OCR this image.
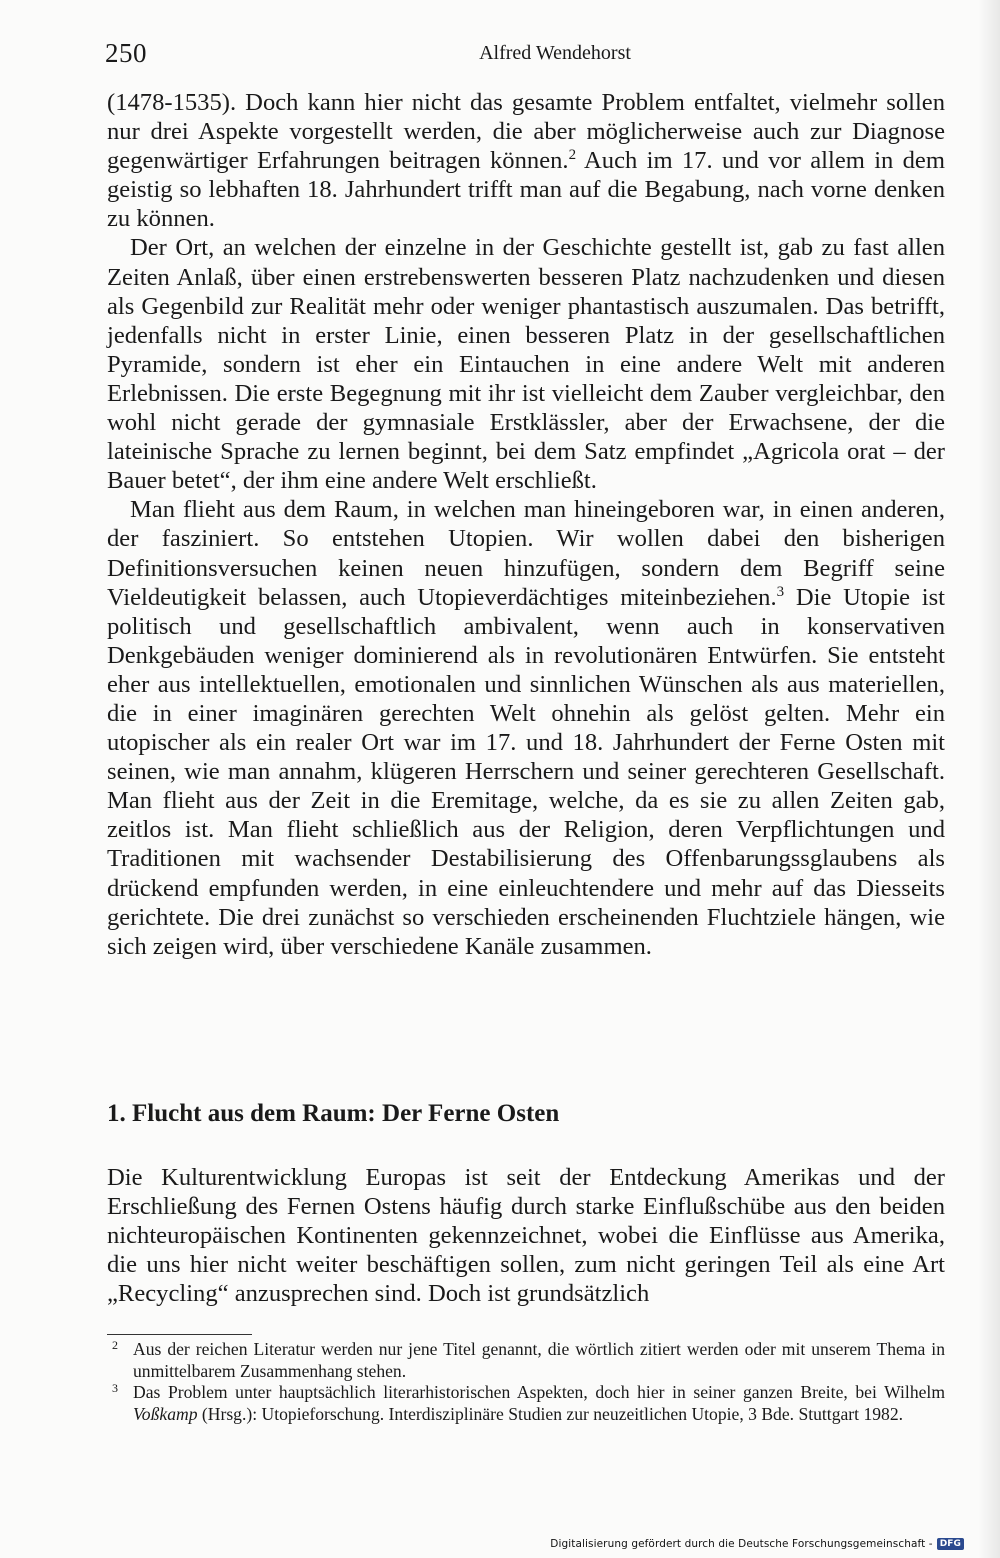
250	Alfred Wendehorst

(1478-1535). Doch kann hier nicht das gesamte Problem entfaltet, vielmehr sollen nur drei Aspekte vorgestellt werden, die aber möglicherweise auch zur Diagnose gegenwärtiger Erfahrungen beitragen können.$^2$ Auch im 17. und vor allem in dem geistig so lebhaften 18. Jahrhundert trifft man auf die Begabung, nach vorne denken zu können.

Der Ort, an welchen der einzelne in der Geschichte gestellt ist, gab zu fast allen Zeiten Anlaß, über einen erstrebenswerten besseren Platz nachzudenken und diesen als Gegenbild zur Realität mehr oder weniger phantastisch auszumalen. Das betrifft, jedenfalls nicht in erster Linie, einen besseren Platz in der gesellschaftlichen Pyramide, sondern ist eher ein Eintauchen in eine andere Welt mit anderen Erlebnissen. Die erste Begegnung mit ihr ist vielleicht dem Zauber vergleichbar, den wohl nicht gerade der gymnasiale Erstklässler, aber der Erwachsene, der die lateinische Sprache zu lernen beginnt, bei dem Satz empfindet „Agricola orat – der Bauer betet“, der ihm eine andere Welt erschließt.

Man flieht aus dem Raum, in welchen man hineingeboren war, in einen anderen, der fasziniert. So entstehen Utopien. Wir wollen dabei den bisherigen Definitionsversuchen keinen neuen hinzufügen, sondern dem Begriff seine Vieldeutigkeit belassen, auch Utopieverdächtiges miteinbeziehen.$^3$ Die Utopie ist politisch und gesellschaftlich ambivalent, wenn auch in konservativen Denkgebäuden weniger dominierend als in revolutionären Entwürfen. Sie entsteht eher aus intellektuellen, emotionalen und sinnlichen Wünschen als aus materiellen, die in einer imaginären gerechten Welt ohnehin als gelöst gelten. Mehr ein utopischer als ein realer Ort war im 17. und 18. Jahrhundert der Ferne Osten mit seinen, wie man annahm, klügeren Herrschern und seiner gerechteren Gesellschaft. Man flieht aus der Zeit in die Eremitage, welche, da es sie zu allen Zeiten gab, zeitlos ist. Man flieht schließlich aus der Religion, deren Verpflichtungen und Traditionen mit wachsender Destabilisierung des Offenbarungssglaubens als drückend empfunden werden, in eine einleuchtendere und mehr auf das Diesseits gerichtete. Die drei zunächst so verschieden erscheinenden Fluchtziele hängen, wie sich zeigen wird, über verschiedene Kanäle zusammen.

1. Flucht aus dem Raum: Der Ferne Osten

Die Kulturentwicklung Europas ist seit der Entdeckung Amerikas und der Erschließung des Fernen Ostens häufig durch starke Einflußschübe aus den beiden nichteuropäischen Kontinenten gekennzeichnet, wobei die Einflüsse aus Amerika, die uns hier nicht weiter beschäftigen sollen, zum nicht geringen Teil als eine Art „Recycling“ anzusprechen sind. Doch ist grundsätzlich

2 Aus der reichen Literatur werden nur jene Titel genannt, die wörtlich zitiert werden oder mit unserem Thema in unmittelbarem Zusammenhang stehen.

3 Das Problem unter hauptsächlich literarhistorischen Aspekten, doch hier in seiner ganzen Breite, bei Wilhelm Voßkamp (Hrsg.): Utopieforschung. Interdisziplinäre Studien zur neuzeitlichen Utopie, 3 Bde. Stuttgart 1982.

Digitalisierung gefördert durch die Deutsche Forschungsgemeinschaft - DFG
